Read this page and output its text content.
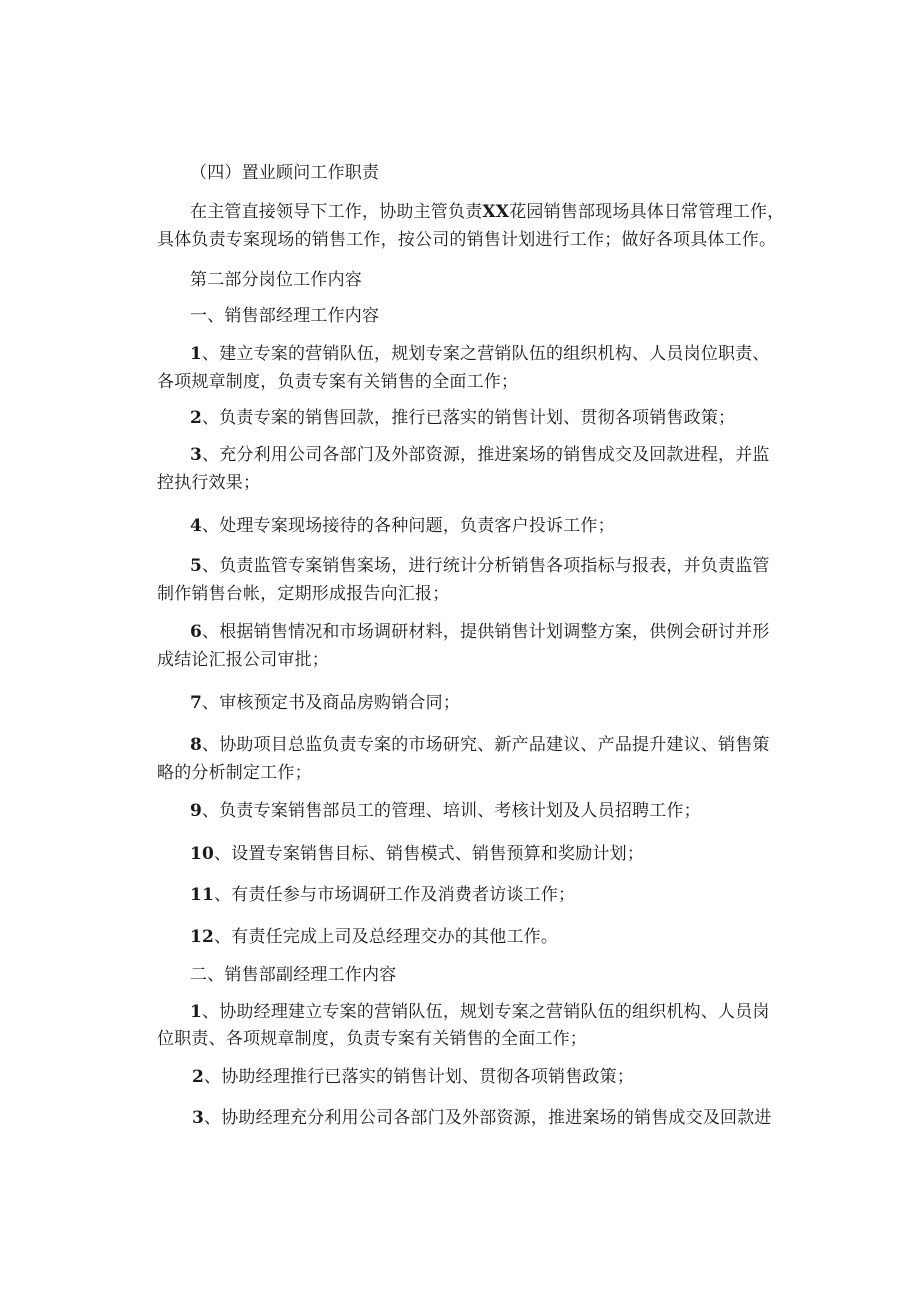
（四）置业顾问工作职责
在主管直接领导下工作，协助主管负责XX花园销售部现场具体日常管理工作，
具体负责专案现场的销售工作，按公司的销售计划进行工作；做好各项具体工作。
第二部分岗位工作内容
一、销售部经理工作内容
1、建立专案的营销队伍，规划专案之营销队伍的组织机构、人员岗位职责、
各项规章制度，负责专案有关销售的全面工作；
2、负责专案的销售回款，推行已落实的销售计划、贯彻各项销售政策；
3、充分利用公司各部门及外部资源，推进案场的销售成交及回款进程，并监
控执行效果；
4、处理专案现场接待的各种问题，负责客户投诉工作；
5、负责监管专案销售案场，进行统计分析销售各项指标与报表，并负责监管
制作销售台帐，定期形成报告向汇报；
6、根据销售情况和市场调研材料，提供销售计划调整方案，供例会研讨并形
成结论汇报公司审批；
7、审核预定书及商品房购销合同；
8、协助项目总监负责专案的市场研究、新产品建议、产品提升建议、销售策
略的分析制定工作；
9、负责专案销售部员工的管理、培训、考核计划及人员招聘工作；
10、设置专案销售目标、销售模式、销售预算和奖励计划；
11、有责任参与市场调研工作及消费者访谈工作；
12、有责任完成上司及总经理交办的其他工作。
二、销售部副经理工作内容
1、协助经理建立专案的营销队伍，规划专案之营销队伍的组织机构、人员岗
位职责、各项规章制度，负责专案有关销售的全面工作；
2、协助经理推行已落实的销售计划、贯彻各项销售政策；
3、协助经理充分利用公司各部门及外部资源，推进案场的销售成交及回款进
